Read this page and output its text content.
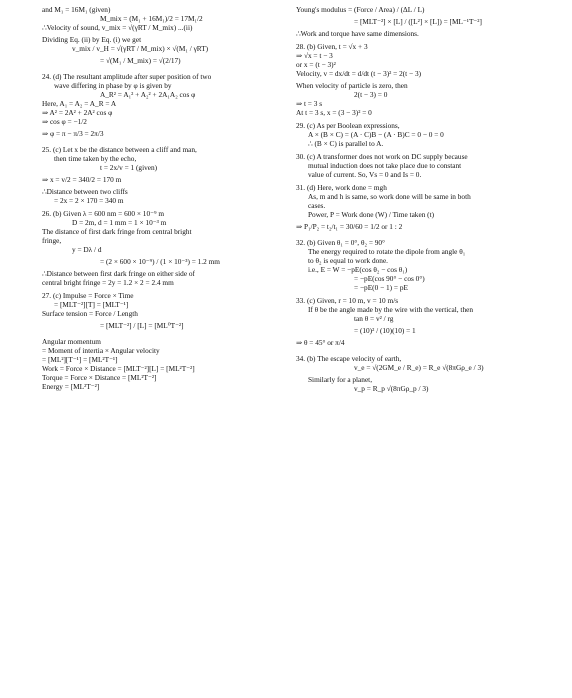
and M₁ = 16M₁ (given)
M_mix = (M₁ + 16M₁)/2 = 17M₁/2
∴Velocity of sound, v_mix = √(γRT / M_mix) ...(ii)
Dividing Eq. (ii) by Eq. (i) we get
v_mix / v_H = √(γRT / M_mix) × √(M₁ / γRT)
= √(M₁ / M_mix) = √(2/17)
24. (d) The resultant amplitude after super position of two
wave differing in phase by φ is given by
A_R² = A₁² + A₂² + 2A₁A₂ cos φ
Here, A₁ = A₂ = A_R = A
⇒ A² = 2A² + 2A² cos φ
⇒ cos φ = −1/2
⇒ φ = π − π/3 = 2π/3
25. (c) Let x be the distance between a cliff and man,
then time taken by the echo,
t = 2x/v = 1 (given)
⇒ x = v/2 = 340/2 = 170 m
∴Distance between two cliffs
= 2x = 2 × 170 = 340 m
26. (b) Given λ = 600 nm = 600 × 10⁻⁹ m
D = 2m, d = 1 mm = 1 × 10⁻³ m
The distance of first dark fringe from central bright
fringe,
y = Dλ / d
= (2 × 600 × 10⁻⁹) / (1 × 10⁻³) = 1.2 mm
∴Distance between first dark fringe on either side of
central bright fringe = 2y = 1.2 × 2 = 2.4 mm
27. (c) Impulse = Force × Time
= [MLT⁻²][T] = [MLT⁻¹]
Surface tension = Force / Length
= [MLT⁻²] / [L] = [ML⁰T⁻²]
Angular momentum
= Moment of intertia × Angular velocity
= [ML²][T⁻¹] = [ML²T⁻¹]
Work = Force × Distance = [MLT⁻²][L] = [ML²T⁻²]
Torque = Force × Distance = [ML²T⁻²]
Energy = [ML²T⁻²]
Young's modulus = (Force / Area) / (ΔL / L)
= [MLT⁻²] × [L] / ([L²] × [L]) = [ML⁻¹T⁻²]
∴Work and torque have same dimensions.
28. (b) Given, t = √x + 3
⇒ √x = t − 3
or x = (t − 3)²
Velocity, v = dx/dt = d/dt (t − 3)² = 2(t − 3)
When velocity of particle is zero, then
2(t − 3) = 0
⇒ t = 3 s
At t = 3 s, x = (3 − 3)² = 0
29. (c) As per Boolean expressions,
A × (B × C) = (A · C)B − (A · B)C = 0 − 0 = 0
∴ (B × C) is parallel to A.
30. (c) A transformer does not work on DC supply because
mutual induction does not take place due to constant
value of current. So, Vs = 0 and Is = 0.
31. (d) Here, work done = mgh
As, m and h is same, so work done will be same in both
cases.
Power, P = Work done (W) / Time taken (t)
⇒ P₁/P₂ = t₂/t₁ = 30/60 = 1/2 or 1 : 2
32. (b) Given θ₁ = 0°, θ₂ = 90°
The energy required to rotate the dipole from angle θ₁
to θ₂ is equal to work done.
i.e., E = W = −pE(cos θ₂ − cos θ₁)
= −pE(cos 90° − cos 0°)
= −pE(0 − 1) = pE
33. (c) Given, r = 10 m, v = 10 m/s
If θ be the angle made by the wire with the vertical, then
tan θ = v² / rg
= (10)² / (10)(10) = 1
⇒ θ = 45° or π/4
34. (b) The escape velocity of earth,
v_e = √(2GM_e / R_e) = R_e √(8πGρ_e / 3)
Similarly for a planet,
v_p = R_p √(8πGρ_p / 3)
